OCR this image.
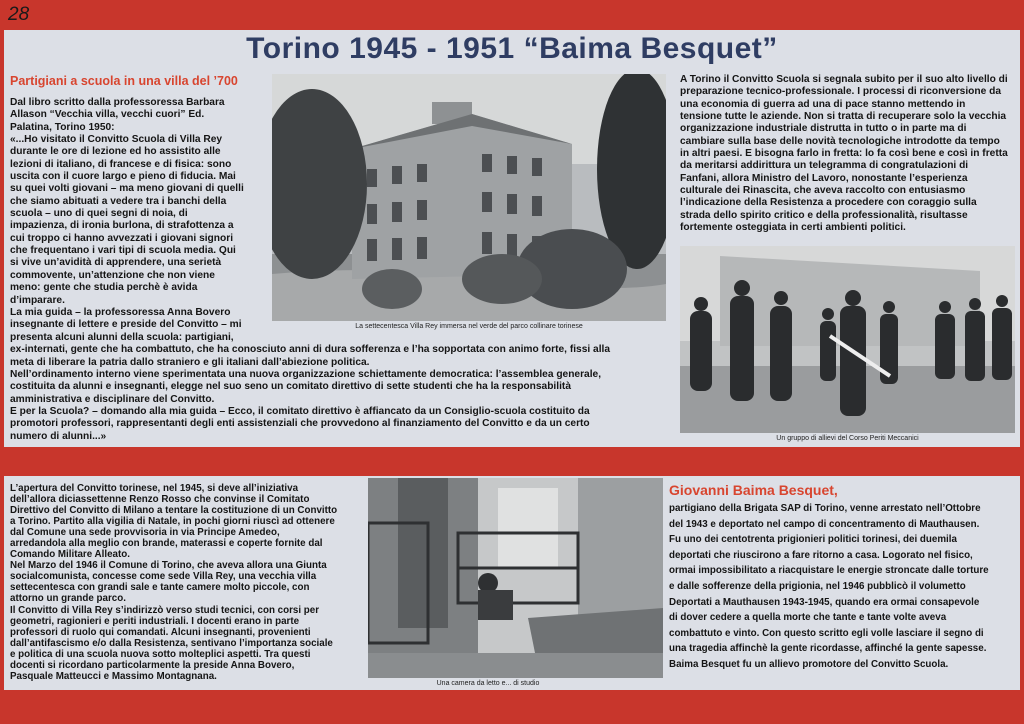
28
Torino 1945 - 1951 “Baima Besquet”
Partigiani a scuola in una villa del ’700

Dal libro scritto dalla professoressa Barbara

Allason “Vecchia villa, vecchi cuori” Ed.

Palatina, Torino 1950:

«...Ho visitato il Convitto Scuola di Villa Rey

durante le ore di lezione ed ho assistito alle

lezioni di italiano, di francese e di fisica: sono

uscita con il cuore largo e pieno di fiducia. Mai

su quei volti giovani – ma meno giovani di quelli

che siamo abituati a vedere tra i banchi della

scuola – uno di quei segni di noia, di

impazienza, di ironia burlona, di strafottenza a

cui troppo ci hanno avvezzati i giovani signori

che frequentano i vari tipi di scuola media. Qui

si vive un’avidità di apprendere, una serietà

commovente, un’attenzione che non viene

meno: gente che studia perchè è avida

d’imparare.

La mia guida – la professoressa Anna Bovero

insegnante di lettere e preside del Convitto – mi

presenta alcuni alunni della scuola: partigiani,

ex-internati, gente che ha combattuto, che ha conosciuto anni di dura sofferenza e l’ha sopportata con animo forte, fissi alla

meta di liberare la patria dallo straniero e gli italiani dall’abiezione politica.

Nell’ordinamento interno viene sperimentata una nuova organizzazione schiettamente democratica: l’assemblea generale,

costituita da alunni e insegnanti, elegge nel suo seno un comitato direttivo di sette studenti che ha la responsabilità

amministrativa e disciplinare del Convitto.

E per la Scuola? – domando alla mia guida – Ecco, il comitato direttivo è affiancato da un Consiglio-scuola costituito da

promotori professori, rappresentanti degli enti assistenziali che provvedono al finanziamento del Convitto e da un certo

numero di alunni...»

La settecentesca Villa Rey immersa nel verde del parco collinare torinese

A Torino il Convitto Scuola si segnala subito per il suo alto livello di

preparazione tecnico-professionale. I processi di riconversione da

una economia di guerra ad una di pace stanno mettendo in

tensione tutte le aziende. Non si tratta di recuperare solo la vecchia

organizzazione industriale distrutta in tutto o in parte ma di

cambiare sulla base delle novità tecnologiche introdotte da tempo

in altri paesi. E bisogna farlo in fretta: lo fa così bene e così in fretta

da meritarsi addirittura un telegramma di congratulazioni di

Fanfani, allora Ministro del Lavoro, nonostante l’esperienza

culturale dei Rinascita, che aveva raccolto con entusiasmo

l’indicazione della Resistenza a procedere con coraggio sulla

strada dello spirito critico e della professionalità, risultasse

fortemente osteggiata in certi ambienti politici.

Un gruppo di allievi del Corso Periti Meccanici

L’apertura del Convitto torinese, nel 1945, si deve all’iniziativa

dell’allora diciassettenne Renzo Rosso che convinse il Comitato

Direttivo del Convitto di Milano a tentare la costituzione di un Convitto

a Torino. Partito alla vigilia di Natale, in pochi giorni riuscì ad ottenere

dal Comune una sede provvisoria in via Principe Amedeo,

arredandola alla meglio con brande, materassi e coperte fornite dal

Comando Militare Alleato.

Nel Marzo del 1946 il Comune di Torino, che aveva allora una Giunta

socialcomunista, concesse come sede Villa Rey, una vecchia villa

settecentesca con grandi sale e tante camere molto piccole, con

attorno un grande parco.

Il Convitto di Villa Rey s’indirizzò verso studi tecnici, con corsi per

geometri, ragionieri e periti industriali. I docenti erano in parte

professori di ruolo qui comandati. Alcuni insegnanti, provenienti

dall’antifascismo e/o dalla Resistenza, sentivano l’importanza sociale

e politica di una scuola nuova sotto molteplici aspetti. Tra questi

docenti si ricordano particolarmente la preside Anna Bovero,

Pasquale Matteucci e Massimo Montagnana.

Una camera da letto e... di studio
Giovanni Baima Besquet,

partigiano della Brigata SAP di Torino, venne arrestato nell’Ottobre

del 1943 e deportato nel campo di concentramento di Mauthausen.

Fu uno dei centotrenta prigionieri politici torinesi, dei duemila

deportati che riuscirono a fare ritorno a casa. Logorato nel fisico,

ormai impossibilitato a riacquistare le energie stroncate dalle torture

e dalle sofferenze della prigionia, nel 1946 pubblicò il volumetto

Deportati a Mauthausen 1943-1945, quando era ormai consapevole

di dover cedere a quella morte che tante e tante volte aveva

combattuto e vinto. Con questo scritto egli volle lasciare il segno di

una tragedia affinchè la gente ricordasse, affinché la gente sapesse.

Baima Besquet fu un allievo promotore del Convitto Scuola.
